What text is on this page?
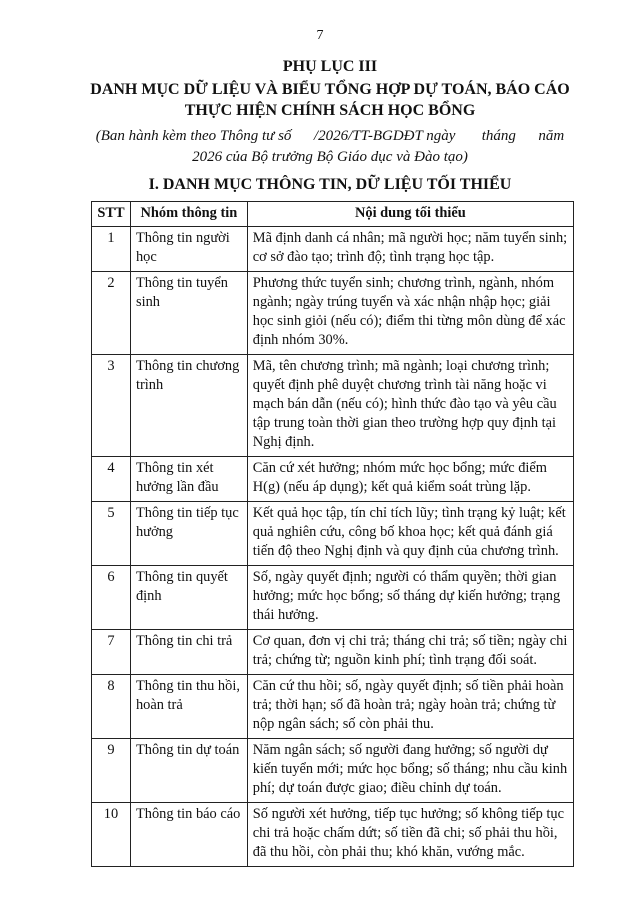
7
PHỤ LỤC III
DANH MỤC DỮ LIỆU VÀ BIỂU TỔNG HỢP DỰ TOÁN, BÁO CÁO
THỰC HIỆN CHÍNH SÁCH HỌC BỔNG
(Ban hành kèm theo Thông tư số      /2026/TT-BGDĐT ngày       tháng      năm
2026 của Bộ trưởng Bộ Giáo dục và Đào tạo)
I. DANH MỤC THÔNG TIN, DỮ LIỆU TỐI THIỂU
STT	Nhóm thông tin	Nội dung tối thiểu
1	Thông tin người học	Mã định danh cá nhân; mã người học; năm tuyển sinh; cơ sở đào tạo; trình độ; tình trạng học tập.
2	Thông tin tuyển sinh	Phương thức tuyển sinh; chương trình, ngành, nhóm ngành; ngày trúng tuyển và xác nhận nhập học; giải học sinh giỏi (nếu có); điểm thi từng môn dùng để xác định nhóm 30%.
3	Thông tin chương trình	Mã, tên chương trình; mã ngành; loại chương trình; quyết định phê duyệt chương trình tài năng hoặc vi mạch bán dẫn (nếu có); hình thức đào tạo và yêu cầu tập trung toàn thời gian theo trường hợp quy định tại Nghị định.
4	Thông tin xét hưởng lần đầu	Căn cứ xét hưởng; nhóm mức học bổng; mức điểm H(g) (nếu áp dụng); kết quả kiểm soát trùng lặp.
5	Thông tin tiếp tục hưởng	Kết quả học tập, tín chỉ tích lũy; tình trạng kỷ luật; kết quả nghiên cứu, công bố khoa học; kết quả đánh giá tiến độ theo Nghị định và quy định của chương trình.
6	Thông tin quyết định	Số, ngày quyết định; người có thẩm quyền; thời gian hưởng; mức học bổng; số tháng dự kiến hưởng; trạng thái hưởng.
7	Thông tin chi trả	Cơ quan, đơn vị chi trả; tháng chi trả; số tiền; ngày chi trả; chứng từ; nguồn kinh phí; tình trạng đối soát.
8	Thông tin thu hồi, hoàn trả	Căn cứ thu hồi; số, ngày quyết định; số tiền phải hoàn trả; thời hạn; số đã hoàn trả; ngày hoàn trả; chứng từ nộp ngân sách; số còn phải thu.
9	Thông tin dự toán	Năm ngân sách; số người đang hưởng; số người dự kiến tuyển mới; mức học bổng; số tháng; nhu cầu kinh phí; dự toán được giao; điều chỉnh dự toán.
10	Thông tin báo cáo	Số người xét hưởng, tiếp tục hưởng; số không tiếp tục chi trả hoặc chấm dứt; số tiền đã chi; số phải thu hồi, đã thu hồi, còn phải thu; khó khăn, vướng mắc.
